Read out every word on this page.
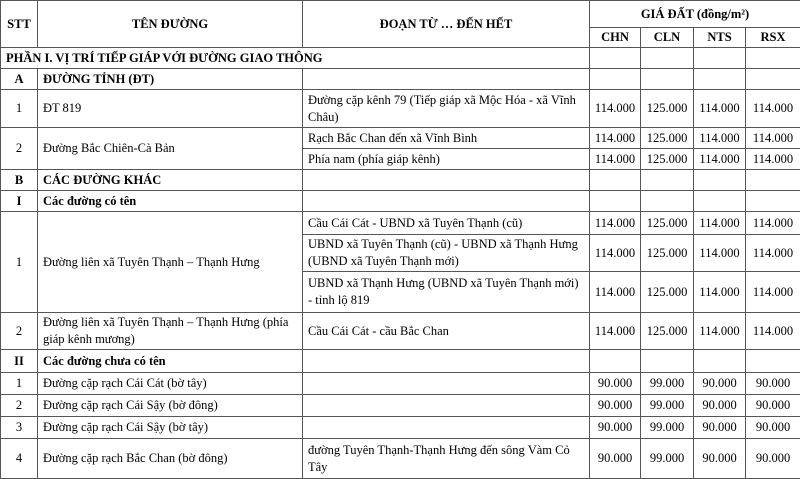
STT	TÊN ĐƯỜNG	ĐOẠN TỪ … ĐẾN HẾT	GIÁ ĐẤT (đồng/m²)			
			CHN	CLN	NTS	RSX
PHẦN I. VỊ TRÍ TIẾP GIÁP VỚI ĐƯỜNG GIAO THÔNG						
A	ĐƯỜNG TỈNH (ĐT)					
1	ĐT 819	Đường cặp kênh 79 (Tiếp giáp xã Mộc Hóa - xã Vĩnh Châu)	114.000	125.000	114.000	114.000
2	Đường Bắc Chiên-Cà Bản	Rạch Bắc Chan đến xã Vĩnh Bình	114.000	125.000	114.000	114.000
		Phía nam (phía giáp kênh)	114.000	125.000	114.000	114.000
B	CÁC ĐƯỜNG KHÁC					
I	Các đường có tên					
1	Đường liên xã Tuyên Thạnh – Thạnh Hưng	Cầu Cái Cát - UBND xã Tuyên Thạnh (cũ)	114.000	125.000	114.000	114.000
		UBND xã Tuyên Thạnh (cũ) - UBND xã Thạnh Hưng (UBND xã Tuyên Thạnh mới)	114.000	125.000	114.000	114.000
		UBND xã Thạnh Hưng (UBND xã Tuyên Thạnh mới) - tỉnh lộ 819	114.000	125.000	114.000	114.000
2	Đường liên xã Tuyên Thạnh – Thạnh Hưng (phía giáp kênh mương)	Cầu Cái Cát - cầu Bắc Chan	114.000	125.000	114.000	114.000
II	Các đường chưa có tên					
1	Đường cặp rạch Cái Cát (bờ tây)		90.000	99.000	90.000	90.000
2	Đường cặp rạch Cái Sậy (bờ đông)		90.000	99.000	90.000	90.000
3	Đường cặp rạch Cái Sậy (bờ tây)		90.000	99.000	90.000	90.000
4	Đường cặp rạch Bắc Chan (bờ đông)	đường Tuyên Thạnh-Thạnh Hưng đến sông Vàm Cỏ Tây	90.000	99.000	90.000	90.000
